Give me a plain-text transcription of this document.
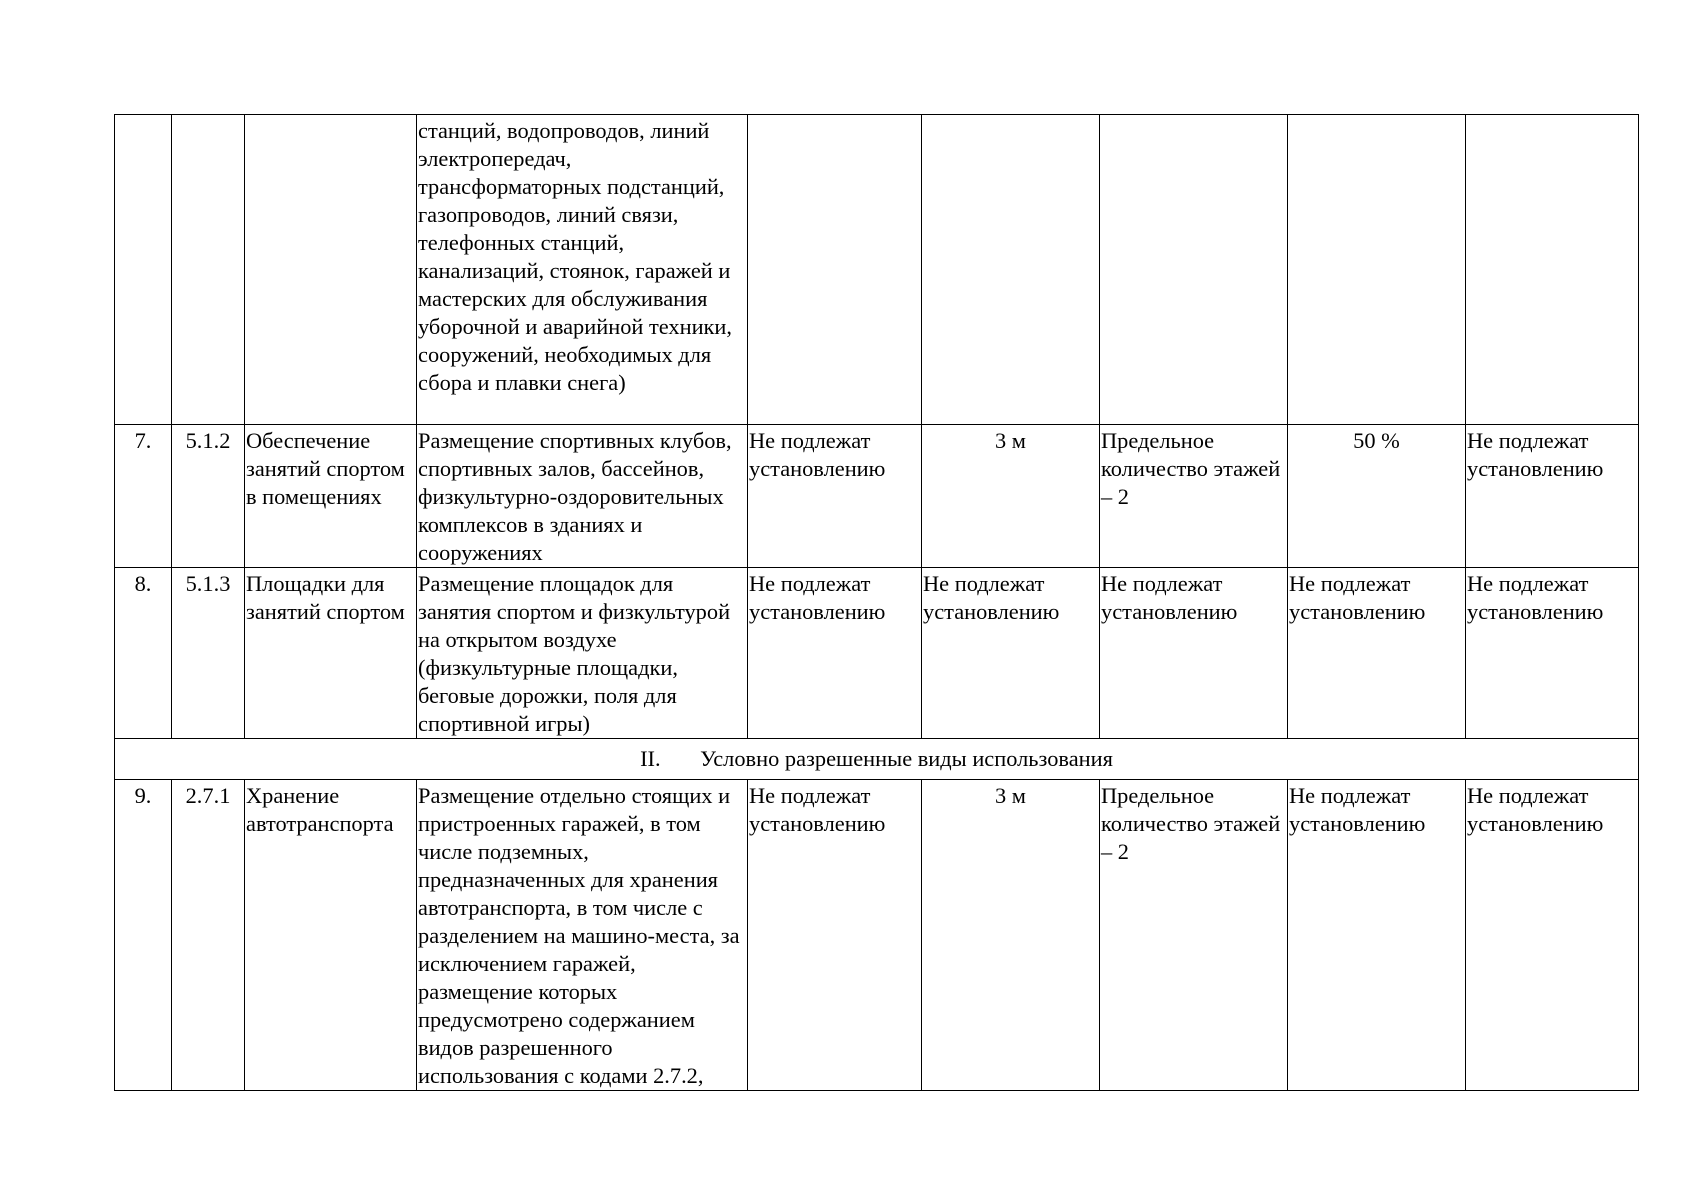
			станций, водопроводов, линий электропередач, трансформаторных подстанций, газопроводов, линий связи, телефонных станций, канализаций, стоянок, гаражей и мастерских для обслуживания уборочной и аварийной техники, сооружений, необходимых для сбора и плавки снега)					
7.	5.1.2	Обеспечение занятий спортом в помещениях	Размещение спортивных клубов, спортивных залов, бассейнов, физкультурно-оздоровительных комплексов в зданиях и сооружениях	Не подлежат установлению	3 м	Предельное количество этажей – 2	50 %	Не подлежат установлению
8.	5.1.3	Площадки для занятий спортом	Размещение площадок для занятия спортом и физкультурой на открытом воздухе (физкультурные площадки, беговые дорожки, поля для спортивной игры)	Не подлежат установлению	Не подлежат установлению	Не подлежат установлению	Не подлежат установлению	Не подлежат установлению
II. Условно разрешенные виды использования								
9.	2.7.1	Хранение автотранспорта	Размещение отдельно стоящих и пристроенных гаражей, в том числе подземных, предназначенных для хранения автотранспорта, в том числе с разделением на машино-места, за исключением гаражей, размещение которых предусмотрено содержанием видов разрешенного использования с кодами 2.7.2,	Не подлежат установлению	3 м	Предельное количество этажей – 2	Не подлежат установлению	Не подлежат установлению
